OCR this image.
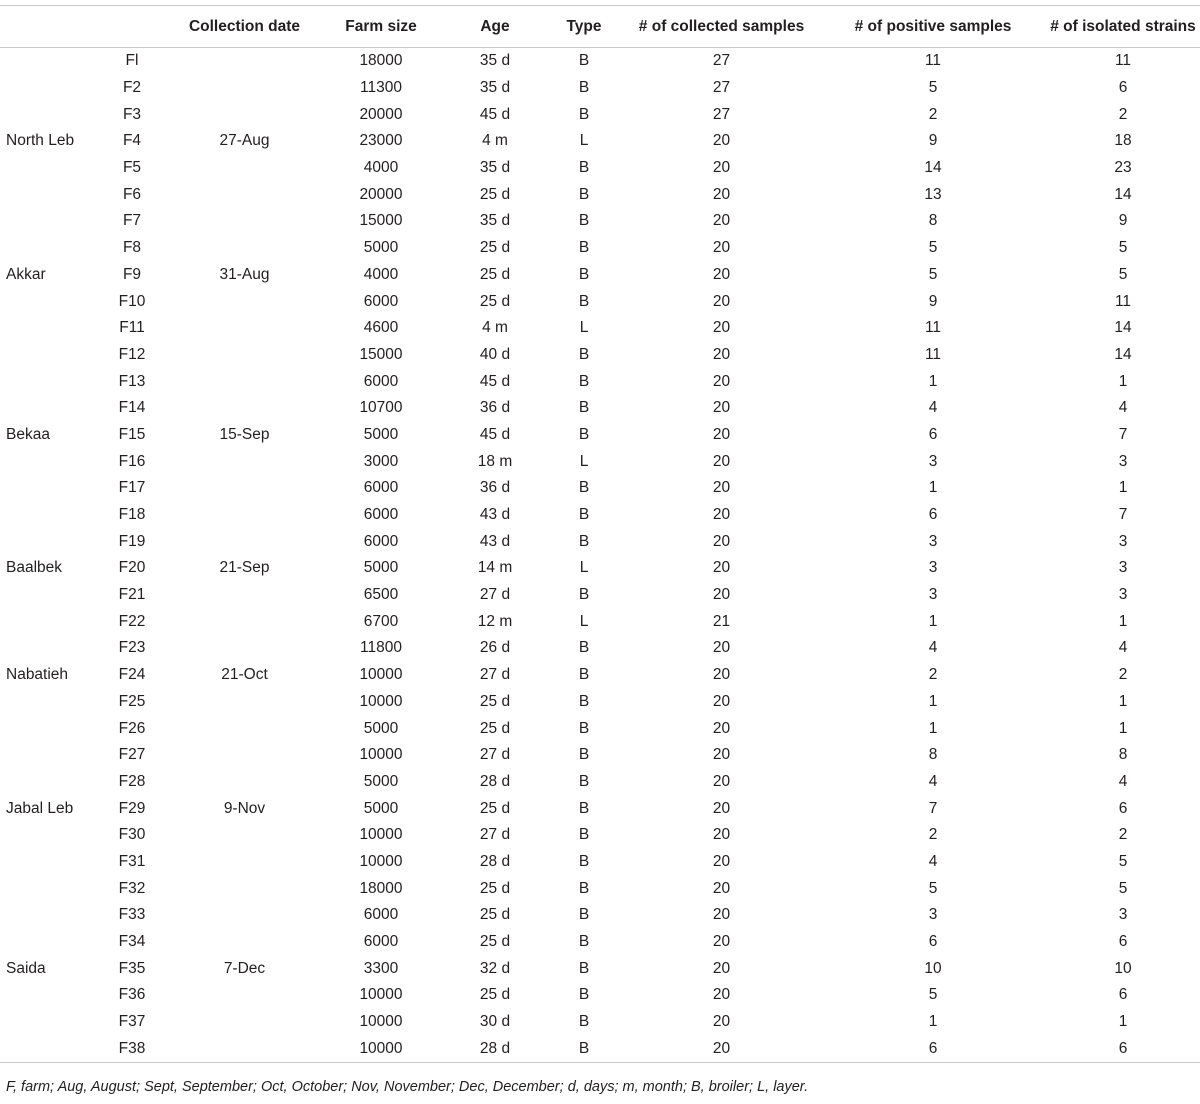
		Collection date	Farm size	Age	Type	# of collected samples	# of positive samples	# of isolated strains
	Fl		18000	35 d	B	27	11	11
	F2		11300	35 d	B	27	5	6
	F3		20000	45 d	B	27	2	2
North Leb	F4	27-Aug	23000	4 m	L	20	9	18
	F5		4000	35 d	B	20	14	23
	F6		20000	25 d	B	20	13	14
	F7		15000	35 d	B	20	8	9
	F8		5000	25 d	B	20	5	5
Akkar	F9	31-Aug	4000	25 d	B	20	5	5
	F10		6000	25 d	B	20	9	11
	F11		4600	4 m	L	20	11	14
	F12		15000	40 d	B	20	11	14
	F13		6000	45 d	B	20	1	1
	F14		10700	36 d	B	20	4	4
Bekaa	F15	15-Sep	5000	45 d	B	20	6	7
	F16		3000	18 m	L	20	3	3
	F17		6000	36 d	B	20	1	1
	F18		6000	43 d	B	20	6	7
	F19		6000	43 d	B	20	3	3
Baalbek	F20	21-Sep	5000	14 m	L	20	3	3
	F21		6500	27 d	B	20	3	3
	F22		6700	12 m	L	21	1	1
	F23		11800	26 d	B	20	4	4
Nabatieh	F24	21-Oct	10000	27 d	B	20	2	2
	F25		10000	25 d	B	20	1	1
	F26		5000	25 d	B	20	1	1
	F27		10000	27 d	B	20	8	8
	F28		5000	28 d	B	20	4	4
Jabal Leb	F29	9-Nov	5000	25 d	B	20	7	6
	F30		10000	27 d	B	20	2	2
	F31		10000	28 d	B	20	4	5
	F32		18000	25 d	B	20	5	5
	F33		6000	25 d	B	20	3	3
	F34		6000	25 d	B	20	6	6
Saida	F35	7-Dec	3300	32 d	B	20	10	10
	F36		10000	25 d	B	20	5	6
	F37		10000	30 d	B	20	1	1
	F38		10000	28 d	B	20	6	6
F, farm; Aug, August; Sept, September; Oct, October; Nov, November; Dec, December; d, days; m, month; B, broiler; L, layer.
